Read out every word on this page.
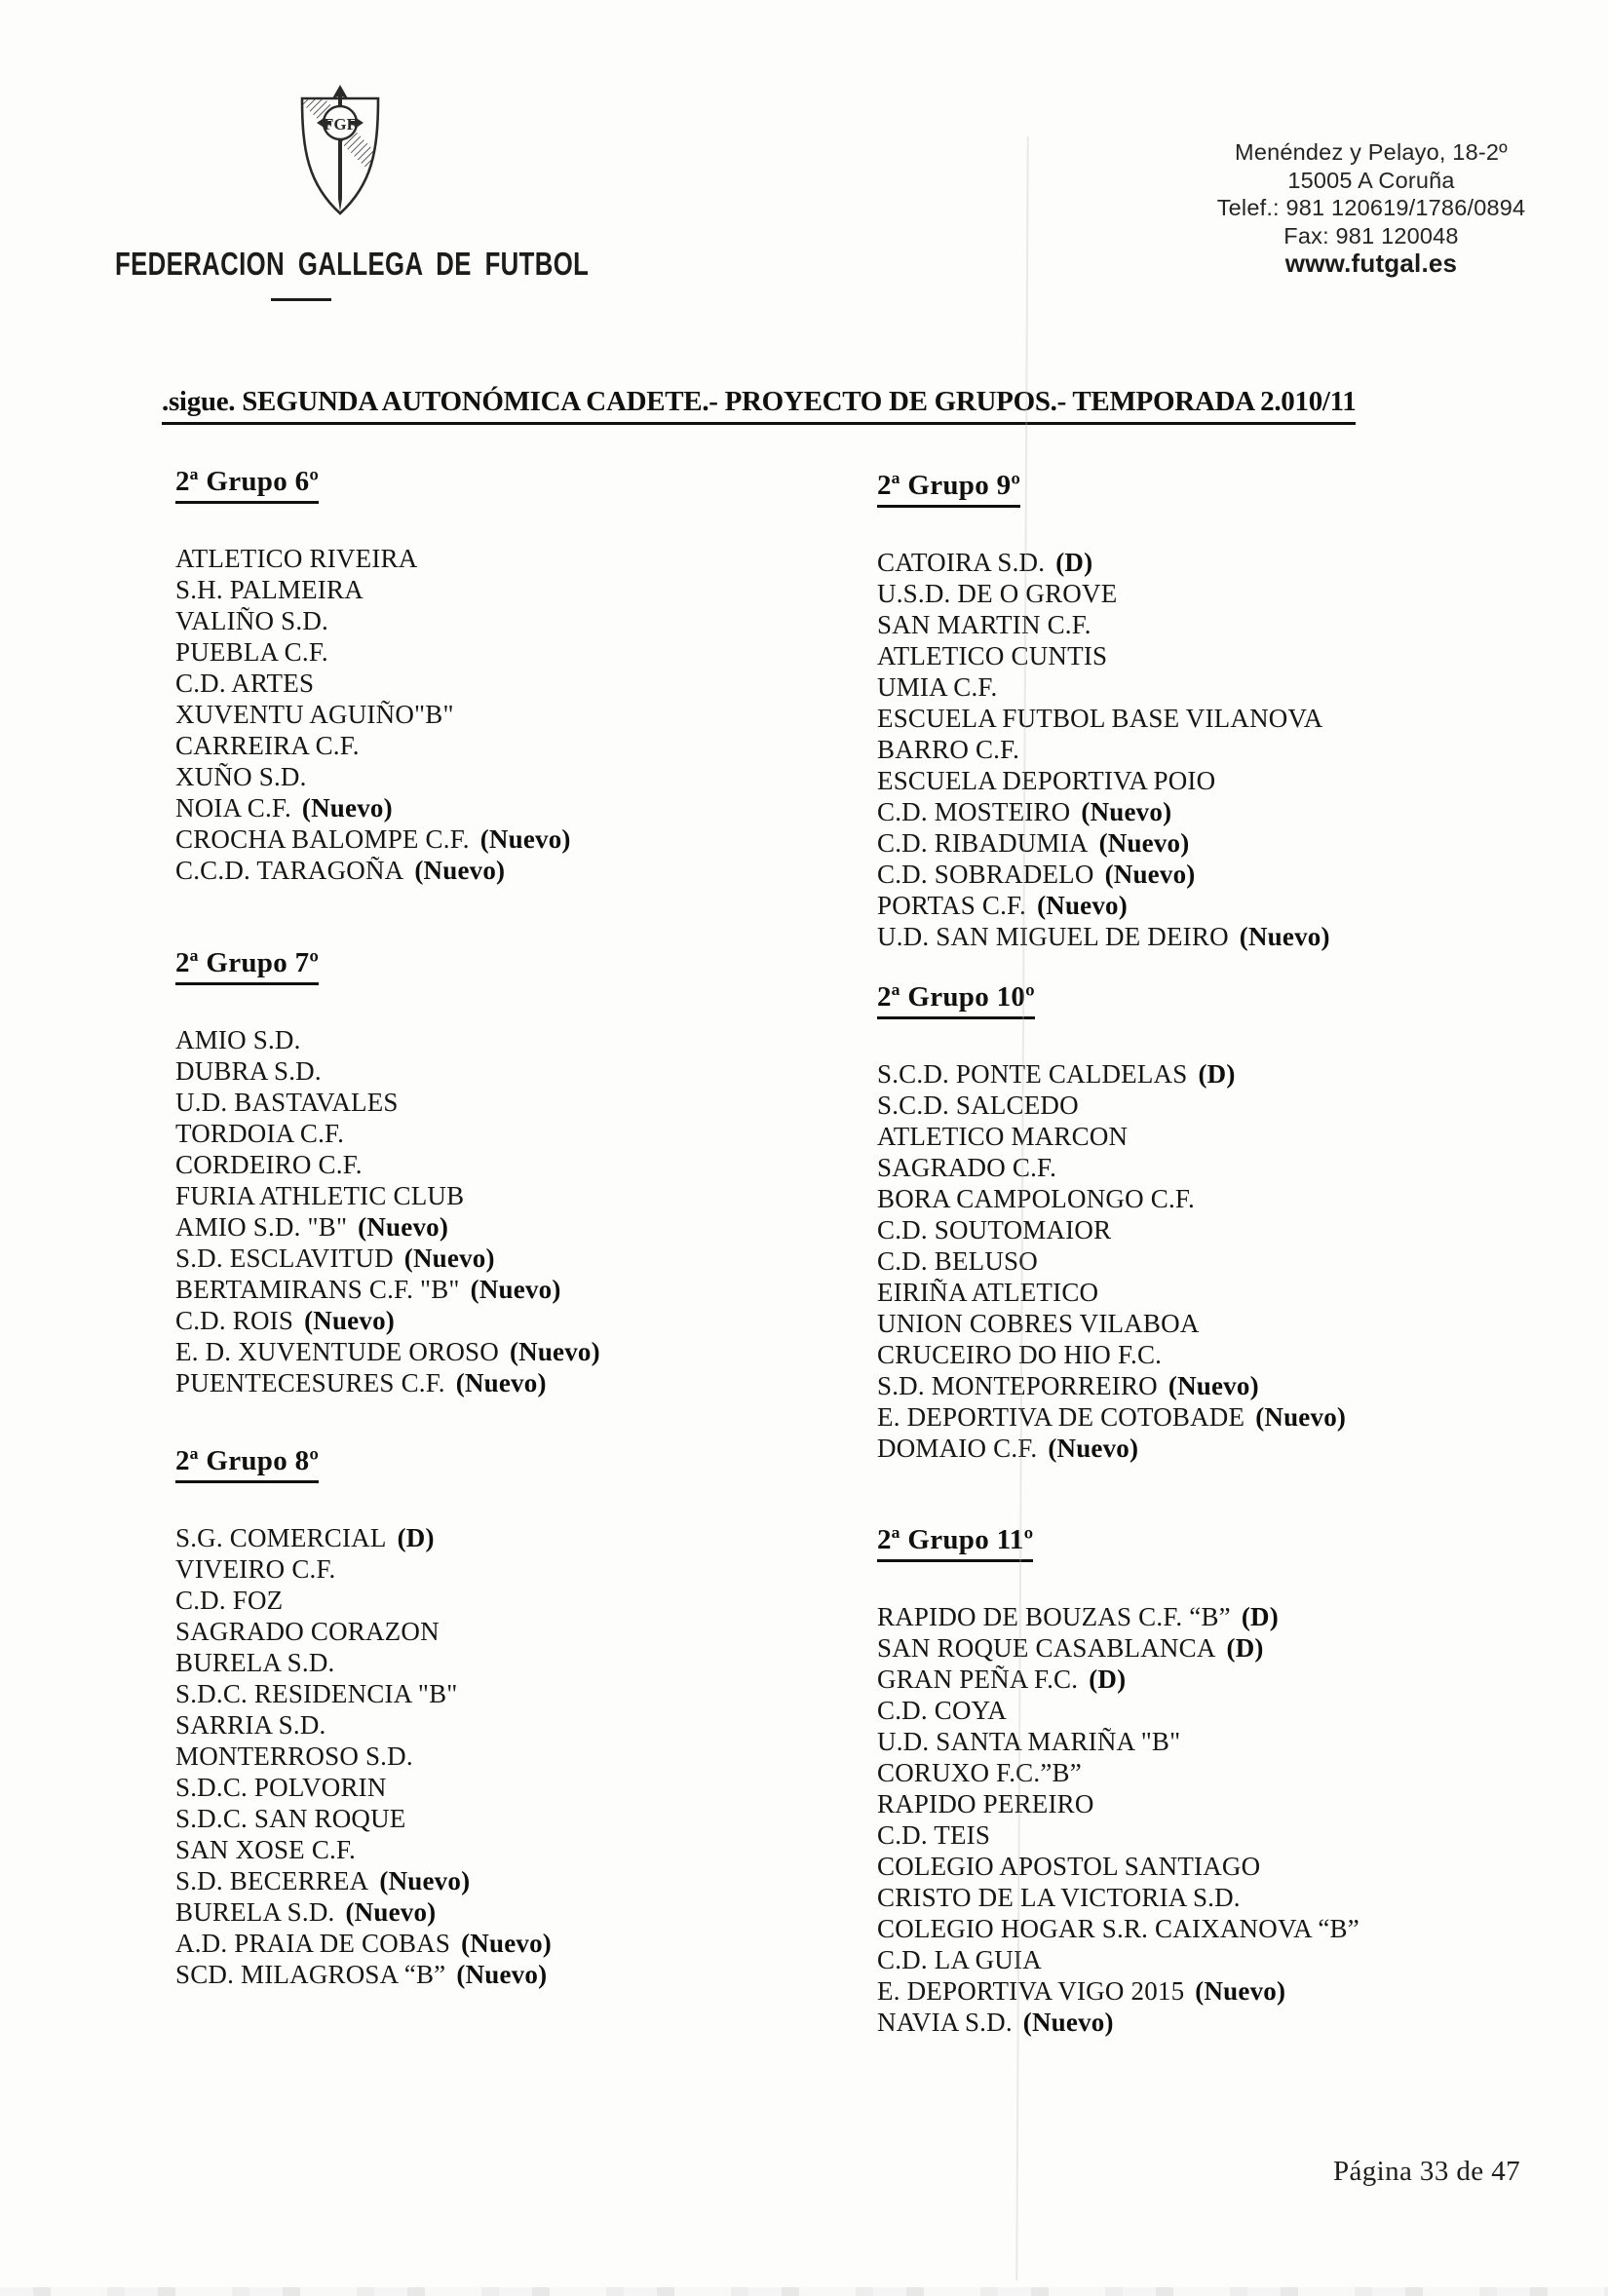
FGF
FEDERACION GALLEGA DE FUTBOL
Menéndez y Pelayo, 18-2º
15005 A Coruña
Telef.: 981 120619/1786/0894
Fax: 981 120048
www.futgal.es
.sigue. SEGUNDA AUTONÓMICA CADETE.- PROYECTO DE GRUPOS.- TEMPORADA 2.010/11
2ª Grupo 6º
ATLETICO RIVEIRA
S.H. PALMEIRA
VALIÑO S.D.
PUEBLA C.F.
C.D. ARTES
XUVENTU AGUIÑO"B"
CARREIRA C.F.
XUÑO S.D.
NOIA C.F. (Nuevo)
CROCHA BALOMPE C.F. (Nuevo)
C.C.D. TARAGOÑA (Nuevo)
2ª Grupo 7º
AMIO S.D.
DUBRA S.D.
U.D. BASTAVALES
TORDOIA C.F.
CORDEIRO C.F.
FURIA ATHLETIC CLUB
AMIO S.D. "B" (Nuevo)
S.D. ESCLAVITUD (Nuevo)
BERTAMIRANS C.F. "B" (Nuevo)
C.D. ROIS (Nuevo)
E. D. XUVENTUDE OROSO (Nuevo)
PUENTECESURES C.F. (Nuevo)
2ª Grupo 8º
S.G. COMERCIAL (D)
VIVEIRO C.F.
C.D. FOZ
SAGRADO CORAZON
BURELA S.D.
S.D.C. RESIDENCIA "B"
SARRIA S.D.
MONTERROSO S.D.
S.D.C. POLVORIN
S.D.C. SAN ROQUE
SAN XOSE C.F.
S.D. BECERREA (Nuevo)
BURELA S.D. (Nuevo)
A.D. PRAIA DE COBAS (Nuevo)
SCD. MILAGROSA “B” (Nuevo)
2ª Grupo 9º
CATOIRA S.D. (D)
U.S.D. DE O GROVE
SAN MARTIN C.F.
ATLETICO CUNTIS
UMIA C.F.
ESCUELA FUTBOL BASE VILANOVA
BARRO C.F.
ESCUELA DEPORTIVA POIO
C.D. MOSTEIRO (Nuevo)
C.D. RIBADUMIA (Nuevo)
C.D. SOBRADELO (Nuevo)
PORTAS C.F. (Nuevo)
U.D. SAN MIGUEL DE DEIRO (Nuevo)
2ª Grupo 10º
S.C.D. PONTE CALDELAS (D)
S.C.D. SALCEDO
ATLETICO MARCON
SAGRADO C.F.
BORA CAMPOLONGO C.F.
C.D. SOUTOMAIOR
C.D. BELUSO
EIRIÑA ATLETICO
UNION COBRES VILABOA
CRUCEIRO DO HIO F.C.
S.D. MONTEPORREIRO (Nuevo)
E. DEPORTIVA DE COTOBADE (Nuevo)
DOMAIO C.F. (Nuevo)
2ª Grupo 11º
RAPIDO DE BOUZAS C.F. “B” (D)
SAN ROQUE CASABLANCA (D)
GRAN PEÑA F.C. (D)
C.D. COYA
U.D. SANTA MARIÑA "B"
CORUXO F.C.”B”
RAPIDO PEREIRO
C.D. TEIS
COLEGIO APOSTOL SANTIAGO
CRISTO DE LA VICTORIA S.D.
COLEGIO HOGAR S.R. CAIXANOVA “B”
C.D. LA GUIA
E. DEPORTIVA VIGO 2015 (Nuevo)
NAVIA S.D. (Nuevo)
Página 33 de 47
